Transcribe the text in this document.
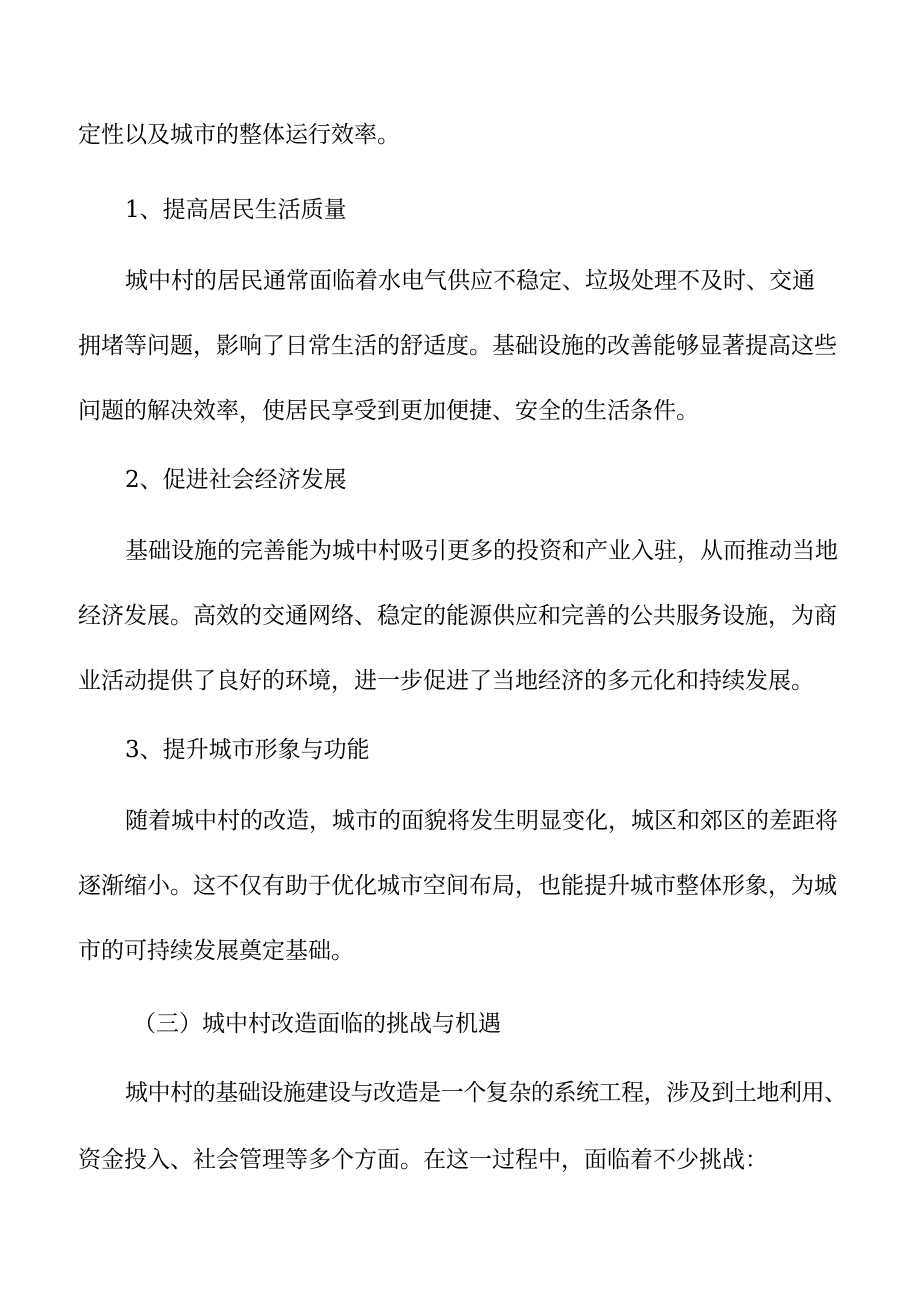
定性以及城市的整体运行效率。
1、提高居民生活质量
城中村的居民通常面临着水电气供应不稳定、垃圾处理不及时、交通
拥堵等问题，影响了日常生活的舒适度。基础设施的改善能够显著提高这些
问题的解决效率，使居民享受到更加便捷、安全的生活条件。
2、促进社会经济发展
基础设施的完善能为城中村吸引更多的投资和产业入驻，从而推动当地
经济发展。高效的交通网络、稳定的能源供应和完善的公共服务设施，为商
业活动提供了良好的环境，进一步促进了当地经济的多元化和持续发展。
3、提升城市形象与功能
随着城中村的改造，城市的面貌将发生明显变化，城区和郊区的差距将
逐渐缩小。这不仅有助于优化城市空间布局，也能提升城市整体形象，为城
市的可持续发展奠定基础。
（三）城中村改造面临的挑战与机遇
城中村的基础设施建设与改造是一个复杂的系统工程，涉及到土地利用、
资金投入、社会管理等多个方面。在这一过程中，面临着不少挑战：
